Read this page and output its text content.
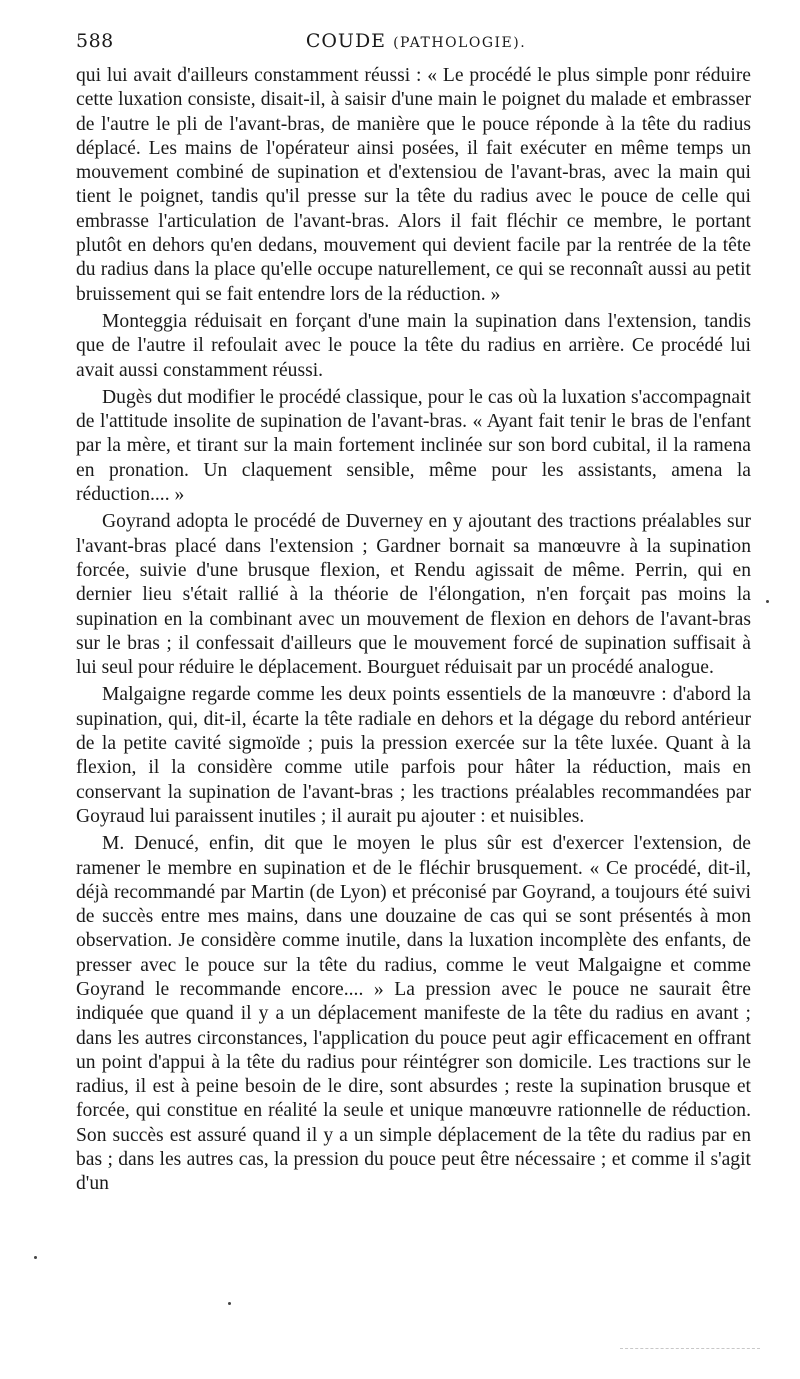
588	COUDE (PATHOLOGIE).

qui lui avait d'ailleurs constamment réussi : « Le procédé le plus simple ponr réduire cette luxation consiste, disait-il, à saisir d'une main le poignet du malade et embrasser de l'autre le pli de l'avant-bras, de manière que le pouce réponde à la tête du radius déplacé. Les mains de l'opérateur ainsi posées, il fait exécuter en même temps un mouvement combiné de supination et d'extensiou de l'avant-bras, avec la main qui tient le poignet, tandis qu'il presse sur la tête du radius avec le pouce de celle qui embrasse l'articulation de l'avant-bras. Alors il fait fléchir ce membre, le portant plutôt en dehors qu'en dedans, mouvement qui devient facile par la rentrée de la tête du radius dans la place qu'elle occupe naturellement, ce qui se reconnaît aussi au petit bruissement qui se fait entendre lors de la réduction. »

Monteggia réduisait en forçant d'une main la supination dans l'extension, tandis que de l'autre il refoulait avec le pouce la tête du radius en arrière. Ce procédé lui avait aussi constamment réussi.

Dugès dut modifier le procédé classique, pour le cas où la luxation s'accompagnait de l'attitude insolite de supination de l'avant-bras. « Ayant fait tenir le bras de l'enfant par la mère, et tirant sur la main fortement inclinée sur son bord cubital, il la ramena en pronation. Un claquement sensible, même pour les assistants, amena la réduction.... »

Goyrand adopta le procédé de Duverney en y ajoutant des tractions préalables sur l'avant-bras placé dans l'extension ; Gardner bornait sa manœuvre à la supination forcée, suivie d'une brusque flexion, et Rendu agissait de même. Perrin, qui en dernier lieu s'était rallié à la théorie de l'élongation, n'en forçait pas moins la supination en la combinant avec un mouvement de flexion en dehors de l'avant-bras sur le bras ; il confessait d'ailleurs que le mouvement forcé de supination suffisait à lui seul pour réduire le déplacement. Bourguet réduisait par un procédé analogue.

Malgaigne regarde comme les deux points essentiels de la manœuvre : d'abord la supination, qui, dit-il, écarte la tête radiale en dehors et la dégage du rebord antérieur de la petite cavité sigmoïde ; puis la pression exercée sur la tête luxée. Quant à la flexion, il la considère comme utile parfois pour hâter la réduction, mais en conservant la supination de l'avant-bras ; les tractions préalables recommandées par Goyraud lui paraissent inutiles ; il aurait pu ajouter : et nuisibles.

M. Denucé, enfin, dit que le moyen le plus sûr est d'exercer l'extension, de ramener le membre en supination et de le fléchir brusquement. « Ce procédé, dit-il, déjà recommandé par Martin (de Lyon) et préconisé par Goyrand, a toujours été suivi de succès entre mes mains, dans une douzaine de cas qui se sont présentés à mon observation. Je considère comme inutile, dans la luxation incomplète des enfants, de presser avec le pouce sur la tête du radius, comme le veut Malgaigne et comme Goyrand le recommande encore.... » La pression avec le pouce ne saurait être indiquée que quand il y a un déplacement manifeste de la tête du radius en avant ; dans les autres circonstances, l'application du pouce peut agir efficacement en offrant un point d'appui à la tête du radius pour réintégrer son domicile. Les tractions sur le radius, il est à peine besoin de le dire, sont absurdes ; reste la supination brusque et forcée, qui constitue en réalité la seule et unique manœuvre rationnelle de réduction. Son succès est assuré quand il y a un simple déplacement de la tête du radius par en bas ; dans les autres cas, la pression du pouce peut être nécessaire ; et comme il s'agit d'un
